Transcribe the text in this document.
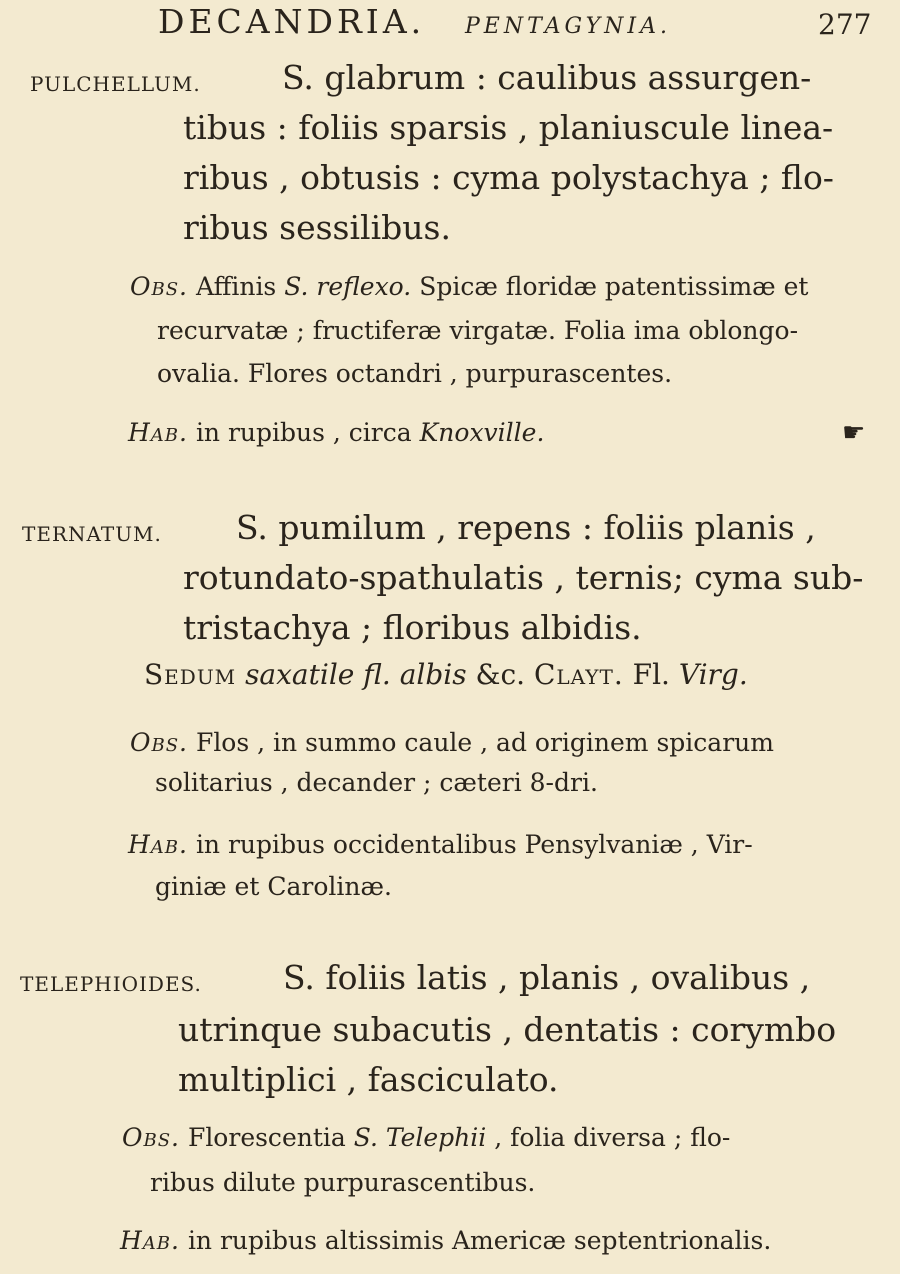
DECANDRIA. PENTAGYNIA.	277
PULCHELLUM. S. glabrum : caulibus assurgen-
tibus : foliis sparsis , planiuscule linea-
ribus , obtusis : cyma polystachya ; flo-
ribus sessilibus.
Obs. Affinis S. reflexo. Spicæ floridæ patentissimæ et
recurvatæ ; fructiferæ virgatæ. Folia ima oblongo-
ovalia. Flores octandri , purpurascentes.
Hab. in rupibus , circa Knoxville.	☛
TERNATUM. S. pumilum , repens : foliis planis ,
rotundato-spathulatis , ternis; cyma sub-
tristachya ; floribus albidis.
Sedum saxatile fl. albis &c. Clayt. Fl. Virg.
Obs. Flos , in summo caule , ad originem spicarum
solitarius , decander ; cæteri 8-dri.
Hab. in rupibus occidentalibus Pensylvaniæ , Vir-
giniæ et Carolinæ.
TELEPHIOIDES. S. foliis latis , planis , ovalibus ,
utrinque subacutis , dentatis : corymbo
multiplici , fasciculato.
Obs. Florescentia S. Telephii , folia diversa ; flo-
ribus dilute purpurascentibus.
Hab. in rupibus altissimis Americæ septentrionalis.
